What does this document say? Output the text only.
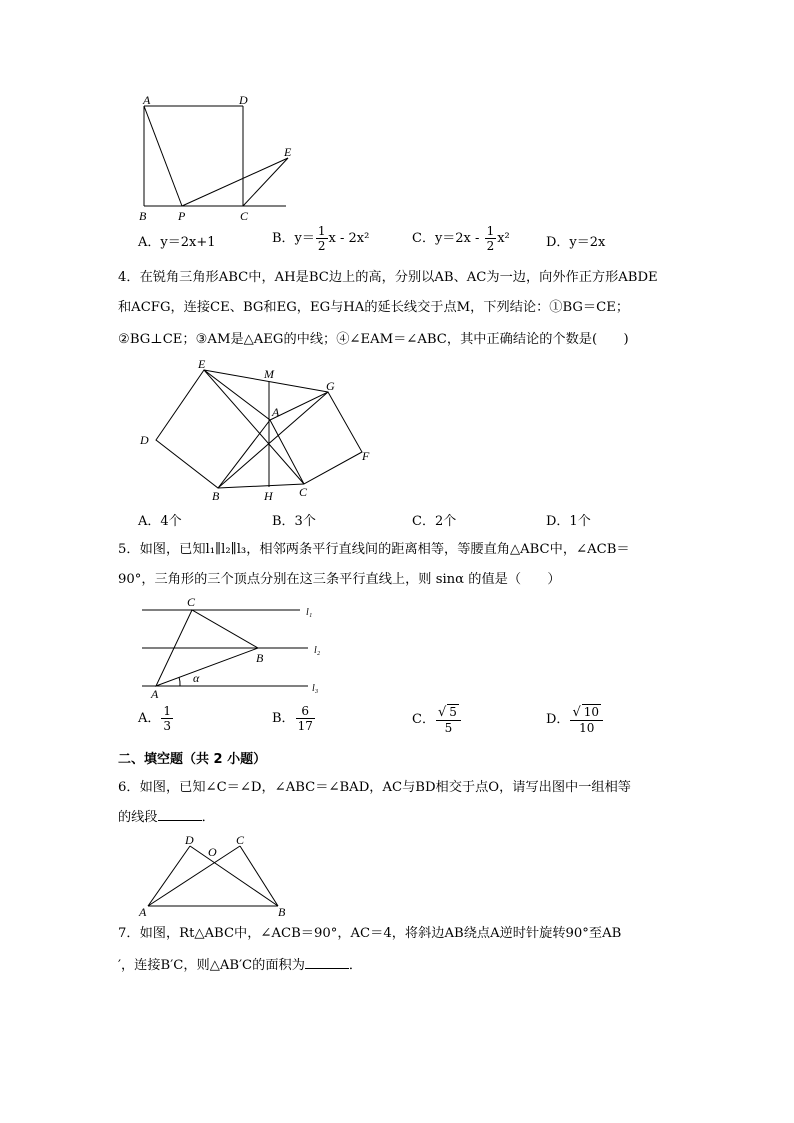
A	D
E
B	P	C
A．y＝2x+1	B．$y= \frac{1}{2}$ x - 2x²	C．$y=2x - \frac{1}{2} x^2$	D．y＝2x
4．在锐角三角形ABC中，AH是BC边上的高，分别以AB、AC为一边，向外作正方形ABDE
和ACFG，连接CE、BG和EG，EG与HA的延长线交于点M，下列结论：①BG＝CE；
②BG⊥CE；③AM是△AEG的中线；④∠EAM＝∠ABC，其中正确结论的个数是(　　)
E
M
G
A
D
F
B	H C
A．4个	B．3个	C．2个	D．1个
5．如图，已知l₁∥l₂∥l₃，相邻两条平行直线间的距离相等，等腰直角△ABC中，∠ACB＝
90°，三角形的三个顶点分别在这三条平行直线上，则 sinα 的值是（　　）
C
B
A
α
l₁
l₂
l₃
A． $\frac{1}{3}$	B． $\frac{6}{17}$	C． $\frac{√ 5}{5}$	D． $\frac{√ 10}{10}$
二、填空题（共 2 小题）
6．如图，已知∠C＝∠D，∠ABC＝∠BAD，AC与BD相交于点O，请写出图中一组相等
的线段	．
D
O
C
A	B
7．如图，Rt△ABC中，∠ACB＝90°，AC＝4，将斜边AB绕点A逆时针旋转90°至AB
′，连接B′C，则△AB′C的面积为	．
